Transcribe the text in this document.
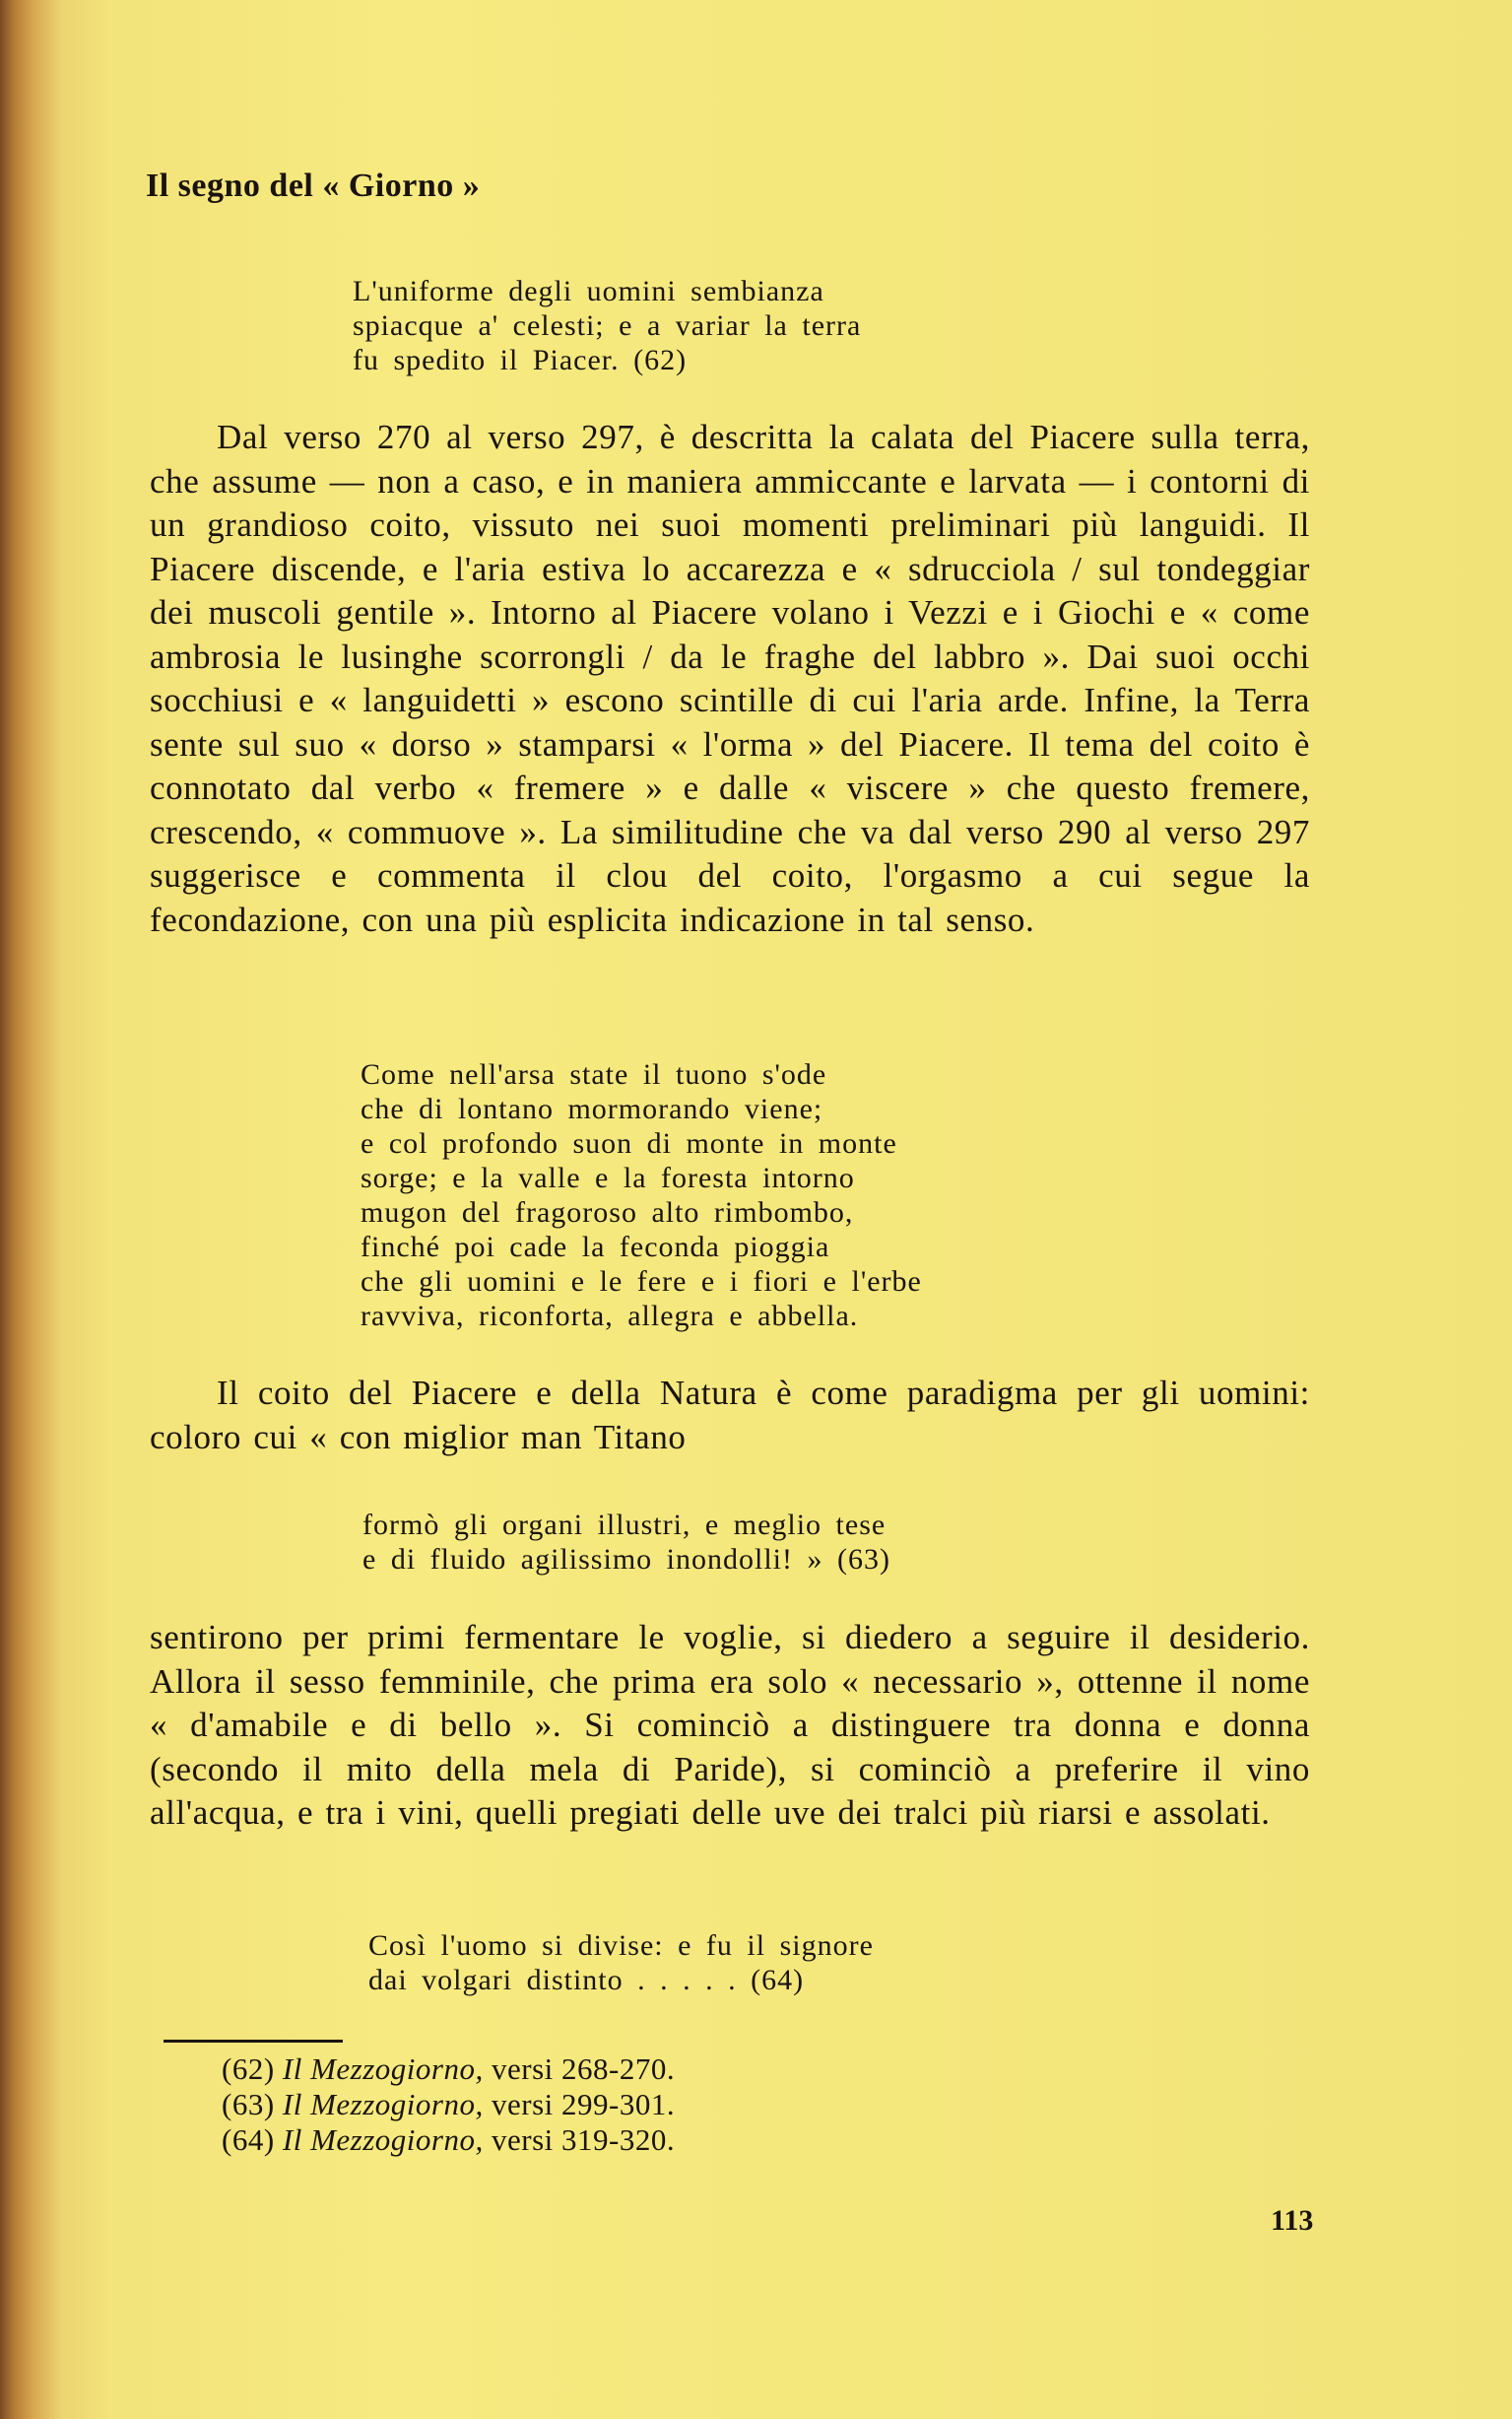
Il segno del « Giorno »
L'uniforme degli uomini sembianza
spiacque a' celesti; e a variar la terra
fu spedito il Piacer. (62)
Dal verso 270 al verso 297, è descritta la calata del Piacere sulla terra, che assume — non a caso, e in maniera ammiccante e larvata — i contorni di un grandioso coito, vissuto nei suoi momenti preliminari più languidi. Il Piacere discende, e l'aria estiva lo accarezza e « sdrucciola / sul tondeggiar dei muscoli gentile ». Intorno al Piacere volano i Vezzi e i Giochi e « come ambrosia le lusinghe scorrongli / da le fraghe del labbro ». Dai suoi occhi socchiusi e « languidetti » escono scintille di cui l'aria arde. Infine, la Terra sente sul suo « dorso » stamparsi « l'orma » del Piacere. Il tema del coito è connotato dal verbo « fremere » e dalle « viscere » che questo fremere, crescendo, « commuove ». La similitudine che va dal verso 290 al verso 297 suggerisce e commenta il clou del coito, l'orgasmo a cui segue la fecondazione, con una più esplicita indicazione in tal senso.
Come nell'arsa state il tuono s'ode
che di lontano mormorando viene;
e col profondo suon di monte in monte
sorge; e la valle e la foresta intorno
mugon del fragoroso alto rimbombo,
finché poi cade la feconda pioggia
che gli uomini e le fere e i fiori e l'erbe
ravviva, riconforta, allegra e abbella.
Il coito del Piacere e della Natura è come paradigma per gli uomini: coloro cui « con miglior man Titano
formò gli organi illustri, e meglio tese
e di fluido agilissimo inondolli! » (63)
sentirono per primi fermentare le voglie, si diedero a seguire il desiderio. Allora il sesso femminile, che prima era solo « necessario », ottenne il nome « d'amabile e di bello ». Si cominciò a distinguere tra donna e donna (secondo il mito della mela di Paride), si cominciò a preferire il vino all'acqua, e tra i vini, quelli pregiati delle uve dei tralci più riarsi e assolati.
Così l'uomo si divise: e fu il signore
dai volgari distinto . . . . . (64)
(62) Il Mezzogiorno, versi 268-270.
(63) Il Mezzogiorno, versi 299-301.
(64) Il Mezzogiorno, versi 319-320.
113
